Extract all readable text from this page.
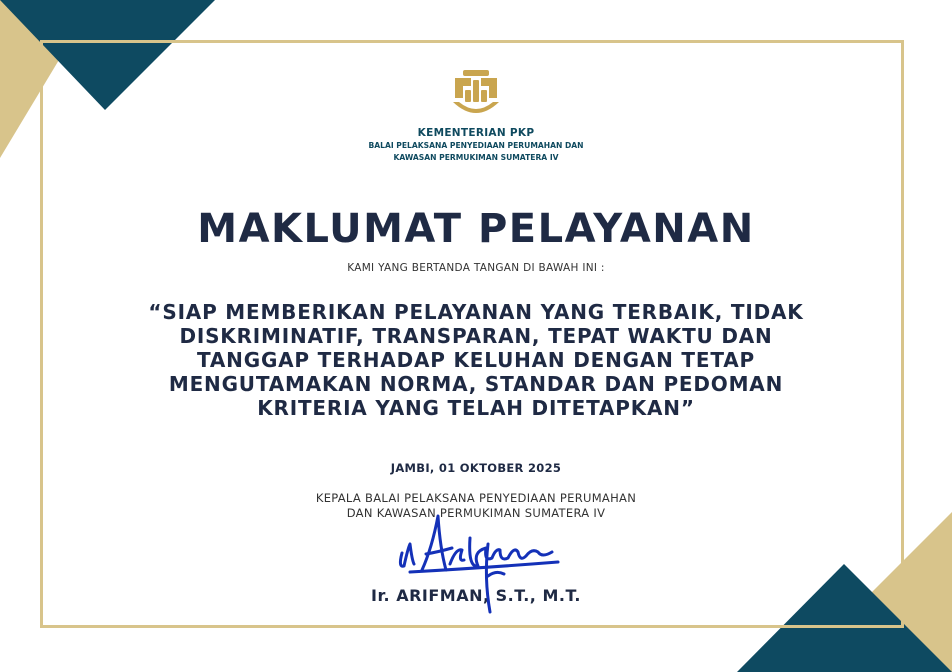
KEMENTERIAN PKP
BALAI PELAKSANA PENYEDIAAN PERUMAHAN DAN
KAWASAN PERMUKIMAN SUMATERA IV
MAKLUMAT PELAYANAN
KAMI YANG BERTANDA TANGAN DI BAWAH INI :
“SIAP MEMBERIKAN PELAYANAN YANG TERBAIK, TIDAK
DISKRIMINATIF, TRANSPARAN, TEPAT WAKTU DAN
TANGGAP TERHADAP KELUHAN DENGAN TETAP
MENGUTAMAKAN NORMA, STANDAR DAN PEDOMAN
KRITERIA YANG TELAH DITETAPKAN”
JAMBI, 01 OKTOBER 2025
KEPALA BALAI PELAKSANA PENYEDIAAN PERUMAHAN
DAN KAWASAN PERMUKIMAN SUMATERA IV
Ir. ARIFMAN, S.T., M.T.
